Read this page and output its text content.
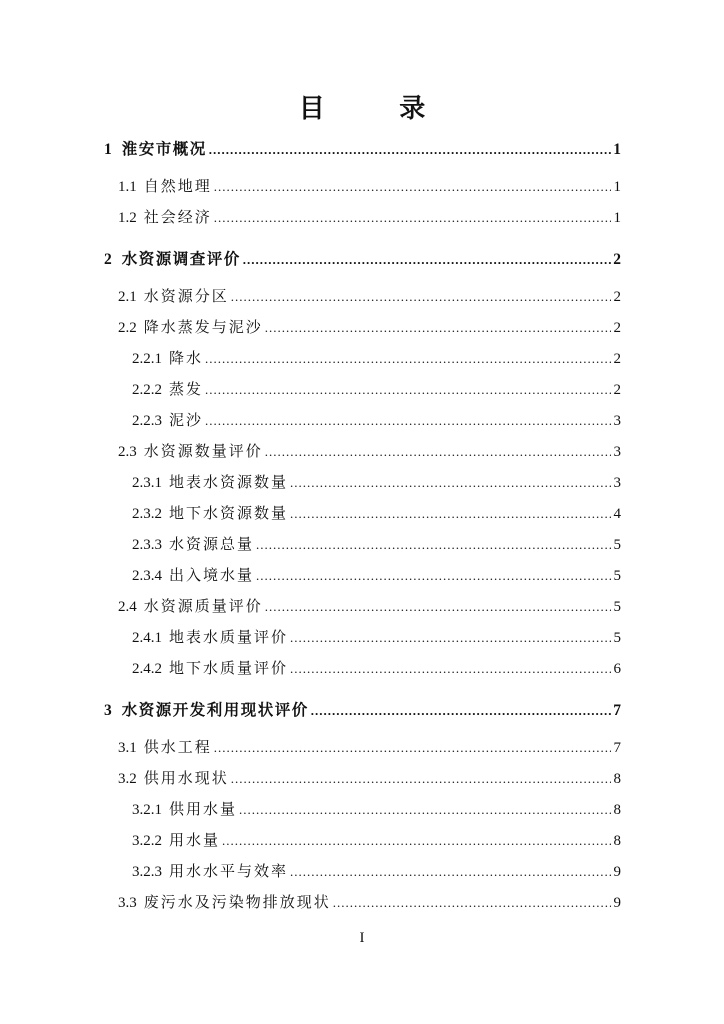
目 录
1 淮安市概况 .....	1
1.1 自然地理 .....	1
1.2 社会经济 .....	1
2 水资源调查评价 .....	2
2.1 水资源分区 .....	2
2.2 降水蒸发与泥沙 .....	2
2.2.1 降水 .....	2
2.2.2 蒸发 .....	2
2.2.3 泥沙 .....	3
2.3 水资源数量评价 .....	3
2.3.1 地表水资源数量 .....	3
2.3.2 地下水资源数量 .....	4
2.3.3 水资源总量 .....	5
2.3.4 出入境水量 .....	5
2.4 水资源质量评价 .....	5
2.4.1 地表水质量评价 .....	5
2.4.2 地下水质量评价 .....	6
3 水资源开发利用现状评价 .....	7
3.1 供水工程 .....	7
3.2 供用水现状 .....	8
3.2.1 供用水量 .....	8
3.2.2 用水量 .....	8
3.2.3 用水水平与效率 .....	9
3.3 废污水及污染物排放现状 .....	9
I
